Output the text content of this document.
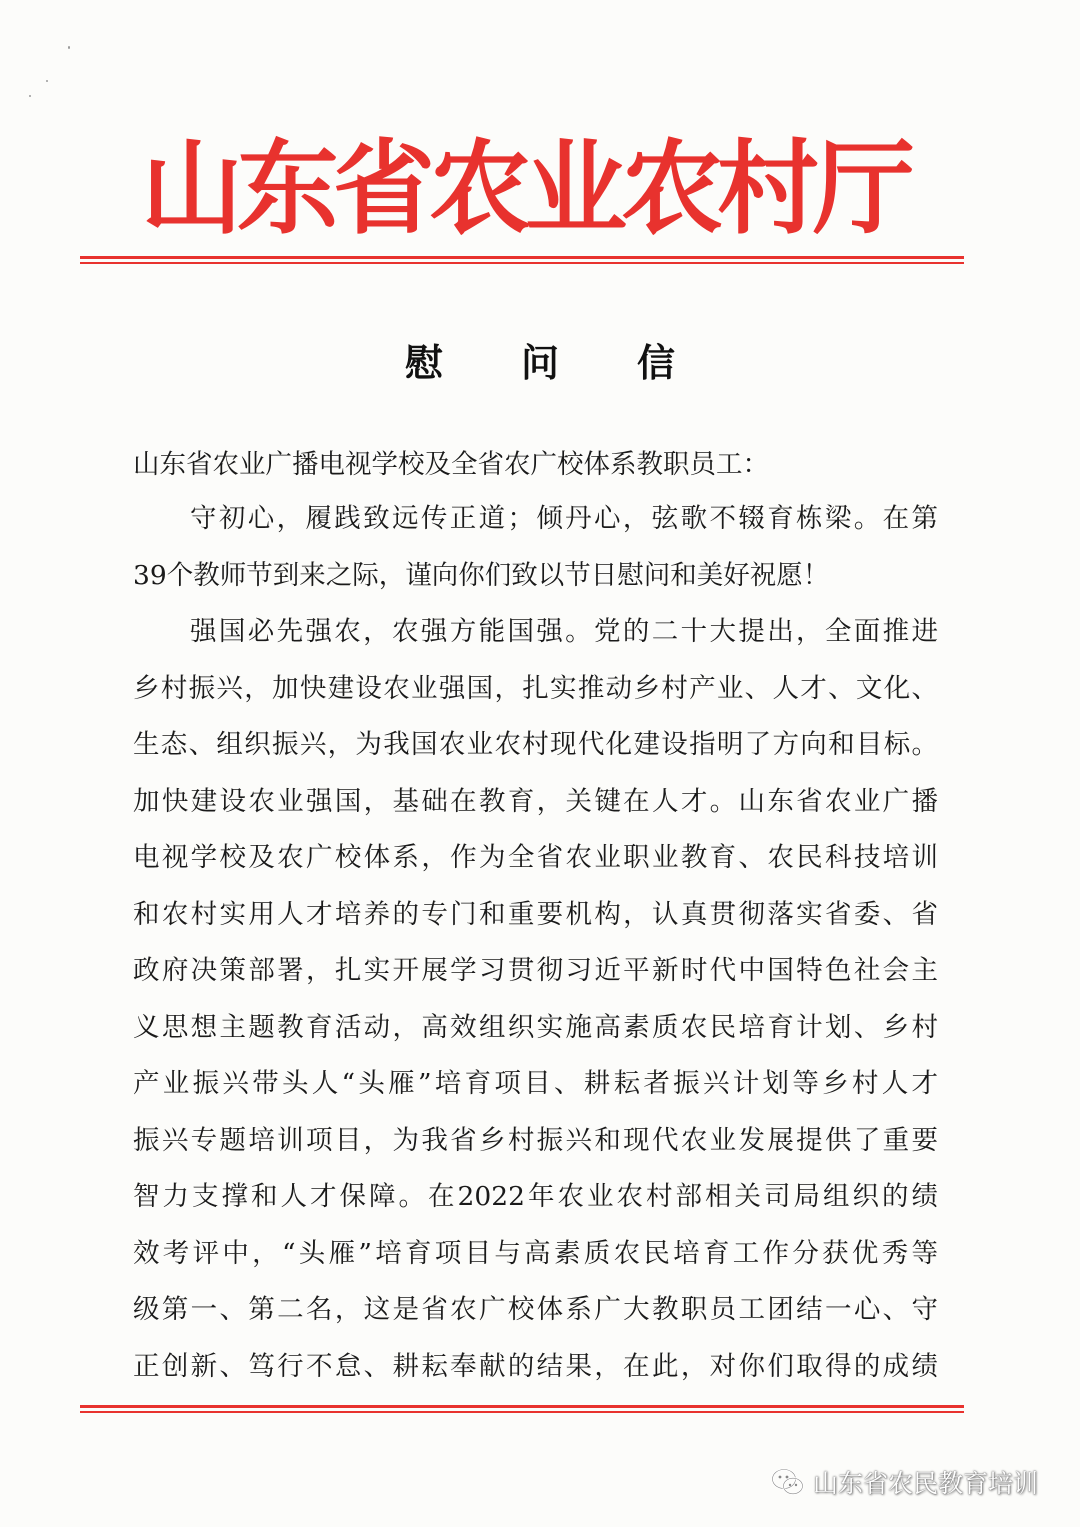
山东省农业农村厅
慰问信
山东省农业广播电视学校及全省农广校体系教职员工：
守初心，履践致远传正道；倾丹心，弦歌不辍育栋梁。在第
39个教师节到来之际，谨向你们致以节日慰问和美好祝愿！
强国必先强农，农强方能国强。党的二十大提出，全面推进
乡村振兴，加快建设农业强国，扎实推动乡村产业、人才、文化、
生态、组织振兴，为我国农业农村现代化建设指明了方向和目标。
加快建设农业强国，基础在教育，关键在人才。山东省农业广播
电视学校及农广校体系，作为全省农业职业教育、农民科技培训
和农村实用人才培养的专门和重要机构，认真贯彻落实省委、省
政府决策部署，扎实开展学习贯彻习近平新时代中国特色社会主
义思想主题教育活动，高效组织实施高素质农民培育计划、乡村
产业振兴带头人“头雁”培育项目、耕耘者振兴计划等乡村人才
振兴专题培训项目，为我省乡村振兴和现代农业发展提供了重要
智力支撑和人才保障。在2022年农业农村部相关司局组织的绩
效考评中，“头雁”培育项目与高素质农民培育工作分获优秀等
级第一、第二名，这是省农广校体系广大教职员工团结一心、守
正创新、笃行不怠、耕耘奉献的结果，在此，对你们取得的成绩
山东省农民教育培训
